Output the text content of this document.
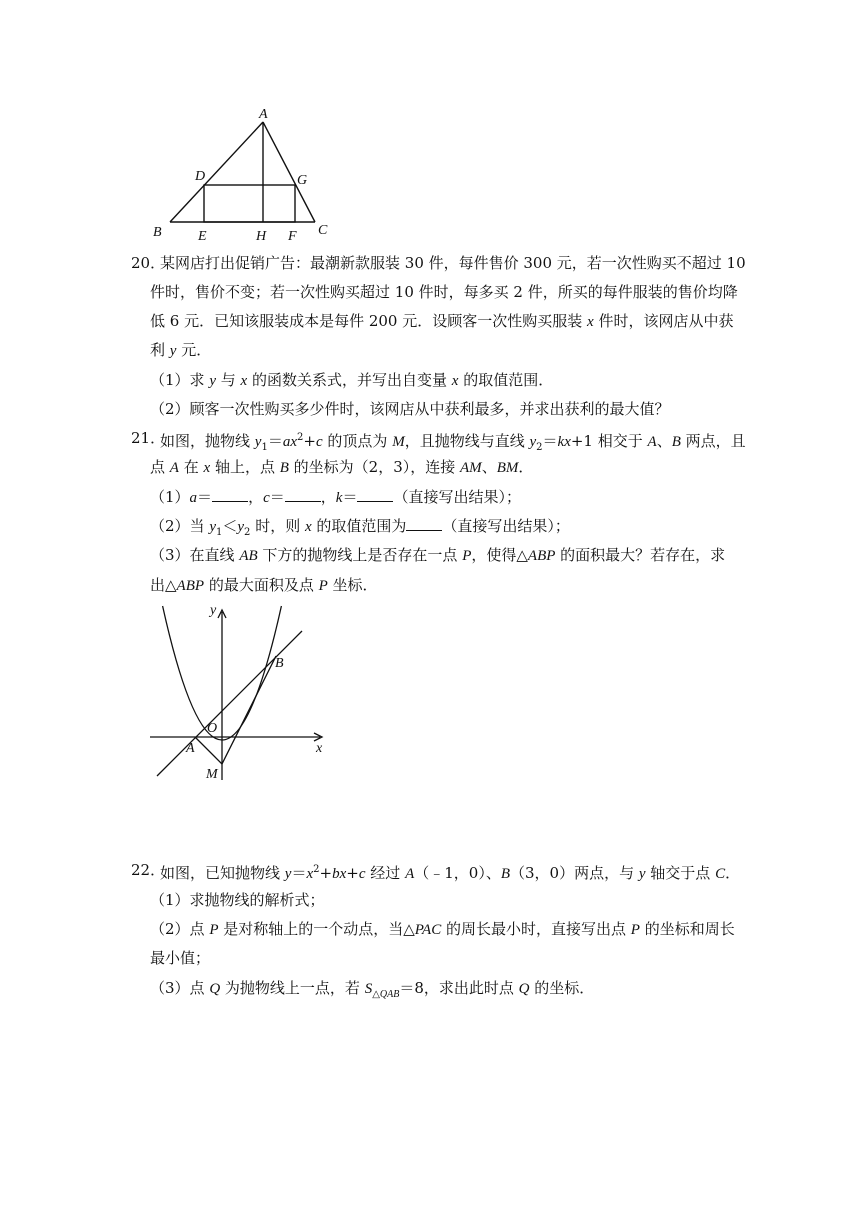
A
B	C
D	G
E	H F
20．
某网店打出促销广告：最潮新款服装 30 件，每件售价 300 元，若一次性购买不超过 10
件时，售价不变；若一次性购买超过 10 件时，每多买 2 件，所买的每件服装的售价均降
低 6 元．已知该服装成本是每件 200 元．设顾客一次性购买服装 x 件时，该网店从中获
利 y 元．
（1）求 y 与 x 的函数关系式，并写出自变量 x 的取值范围．
（2）顾客一次性购买多少件时，该网店从中获利最多，并求出获利的最大值？
21．
如图，抛物线 $y_1=ax^2+c$ 的顶点为 M，且抛物线与直线 $y_2=kx+1$ 相交于 A、B 两点，且
点 A 在 x 轴上，点 B 的坐标为（2，3），连接 AM、BM．
（1）a＝ ，c＝ ，k＝ （直接写出结果）；
（2）当 $y_1<y_2$ 时，则 x 的取值范围为 （直接写出结果）；
（3）在直线 AB 下方的抛物线上是否存在一点 P，使得△ABP 的面积最大？若存在，求
出△ABP 的最大面积及点 P 坐标．
y
x
O
A
B
M
22．
如图，已知抛物线 $y=x^2+bx+c$ 经过 A（﹣1，0）、B（3，0）两点，与 y 轴交于点 C．
（1）求抛物线的解析式；
（2）点 P 是对称轴上的一个动点，当△PAC 的周长最小时，直接写出点 P 的坐标和周长
最小值；
（3）点 Q 为抛物线上一点，若 $S_{\triangle QAB}=8$，求出此时点 Q 的坐标．
